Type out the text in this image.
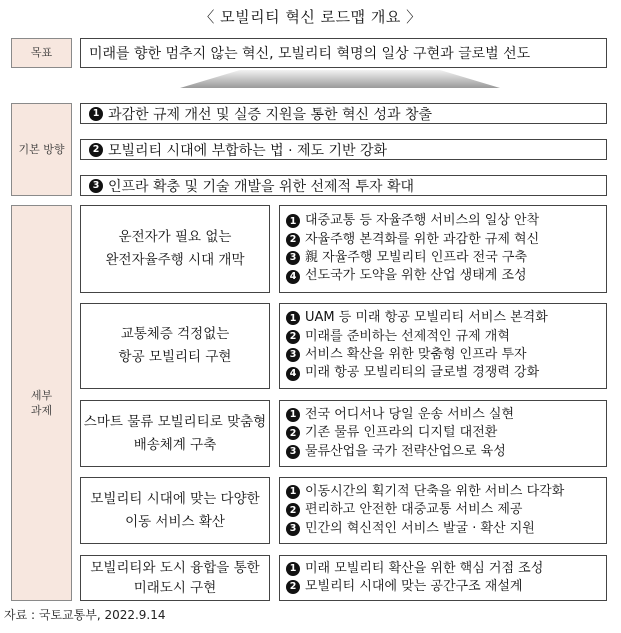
〈 모빌리티 혁신 로드맵 개요 〉
목표	미래를 향한 멈추지 않는 혁신, 모빌리티 혁명의 일상 구현과 글로벌 선도
기본 방향
1 과감한 규제 개선 및 실증 지원을 통한 혁신 성과 창출
2 모빌리티 시대에 부합하는 법 · 제도 기반 강화
3 인프라 확충 및 기술 개발을 위한 선제적 투자 확대
세부
과제
운전자가 필요 없는
완전자율주행 시대 개막
1 대중교통 등 자율주행 서비스의 일상 안착
2 자율주행 본격화를 위한 과감한 규제 혁신
3 親 자율주행 모빌리티 인프라 전국 구축
4 선도국가 도약을 위한 산업 생태계 조성
교통체증 걱정없는
항공 모빌리티 구현
1 UAM 등 미래 항공 모빌리티 서비스 본격화
2 미래를 준비하는 선제적인 규제 개혁
3 서비스 확산을 위한 맞춤형 인프라 투자
4 미래 항공 모빌리티의 글로벌 경쟁력 강화
스마트 물류 모빌리티로 맞춤형
배송체계 구축
1 전국 어디서나 당일 운송 서비스 실현
2 기존 물류 인프라의 디지털 대전환
3 물류산업을 국가 전략산업으로 육성
모빌리티 시대에 맞는 다양한
이동 서비스 확산
1 이동시간의 획기적 단축을 위한 서비스 다각화
2 편리하고 안전한 대중교통 서비스 제공
3 민간의 혁신적인 서비스 발굴 · 확산 지원
모빌리티와 도시 융합을 통한
미래도시 구현
1 미래 모빌리티 확산을 위한 핵심 거점 조성
2 모빌리티 시대에 맞는 공간구조 재설계
자료 : 국토교통부, 2022.9.14
